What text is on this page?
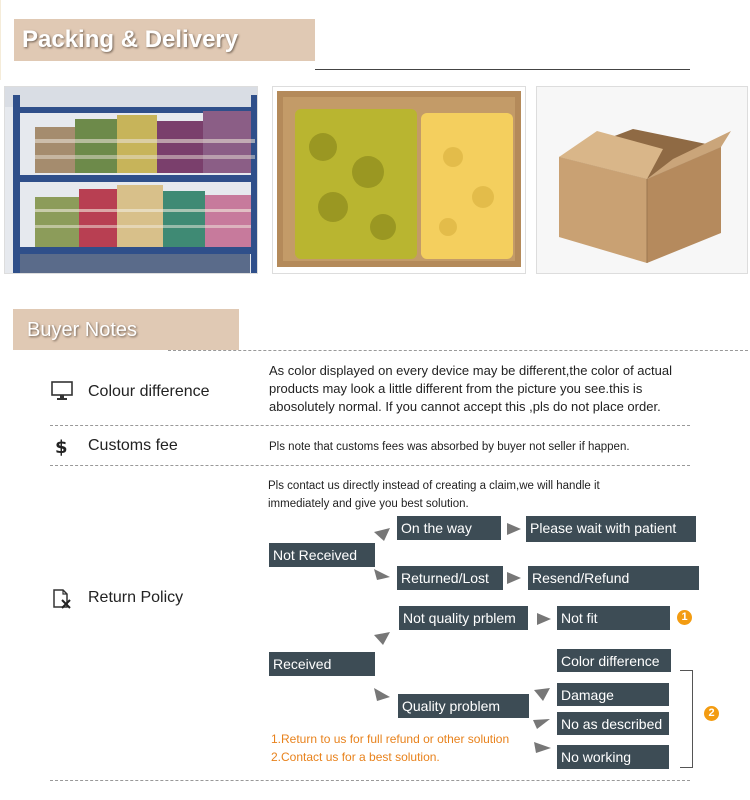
Packing & Delivery
Buyer Notes
Colour difference
As color displayed on every device may be different,the color of actual
products may look a little different from the picture you see.this is
abosolutely normal. If you cannot accept this ,pls do not place order.
$ Customs fee	Pls note that customs fees was absorbed by buyer not seller if happen.
Return Policy
Pls contact us directly instead of creating a claim,we will handle it
immediately and give you best solution.
Not Received
On the way	Please wait with patient
Returned/Lost	Resend/Refund
Not quality prblem	Not fit
Received	Color difference
Quality problem
Damage
No as described
No working
1
2
1.Return to us for full refund or other solution
2.Contact us for a best solution.
